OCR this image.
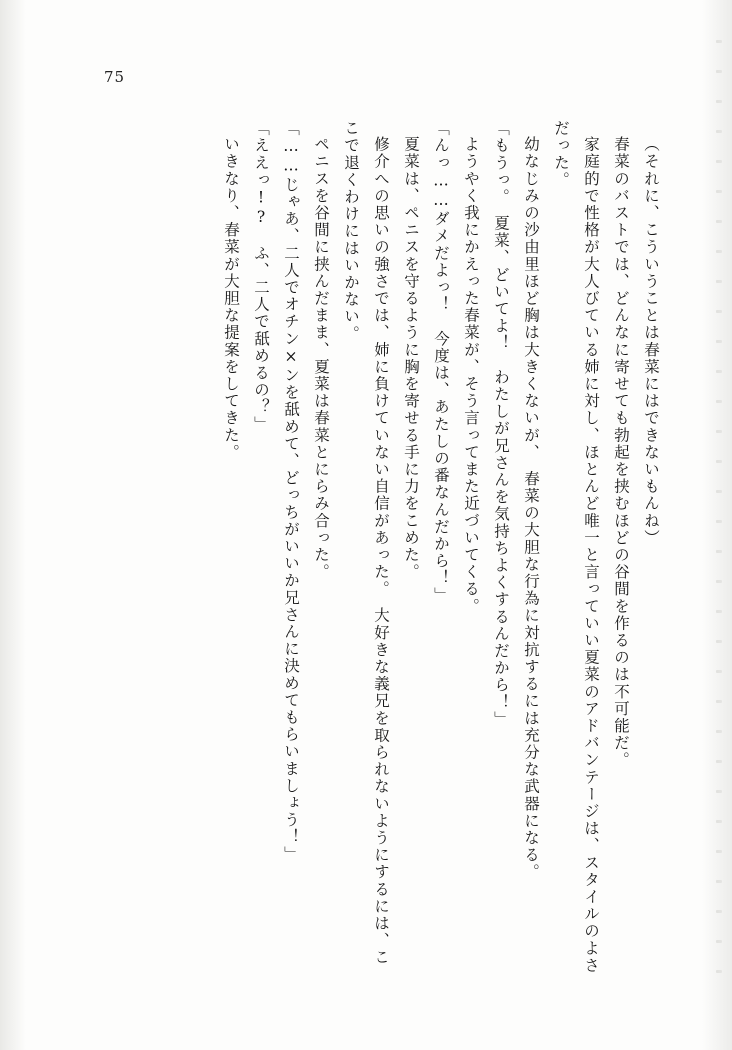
75

（それに、こういうことは春菜にはできないもんね）

春菜のバストでは、どんなに寄せても勃起を挟むほどの谷間を作るのは不可能だ。

家庭的で性格が大人びている姉に対し、ほとんど唯一と言っていい夏菜のアドバンテージは、スタイルのよさだった。

幼なじみの沙由里ほど胸は大きくないが、　春菜の大胆な行為に対抗するには充分な武器になる。

「もうっ。　夏菜、どいてよ！　わたしが兄さんを気持ちよくするんだから！」

ようやく我にかえった春菜が、そう言ってまた近づいてくる。

「んっ……ダメだよっ！　今度は、あたしの番なんだから！」

夏菜は、ペニスを守るように胸を寄せる手に力をこめた。

修介への思いの強さでは、姉に負けていない自信があった。　大好きな義兄を取られないようにするには、ここで退くわけにはいかない。

ペニスを谷間に挟んだまま、夏菜は春菜とにらみ合った。

「……じゃあ、二人でオチン×ンを舐めて、どっちがいいか兄さんに決めてもらいましょう！」

「ええっ!?　ふ、二人で舐めるの？」

いきなり、春菜が大胆な提案をしてきた。
